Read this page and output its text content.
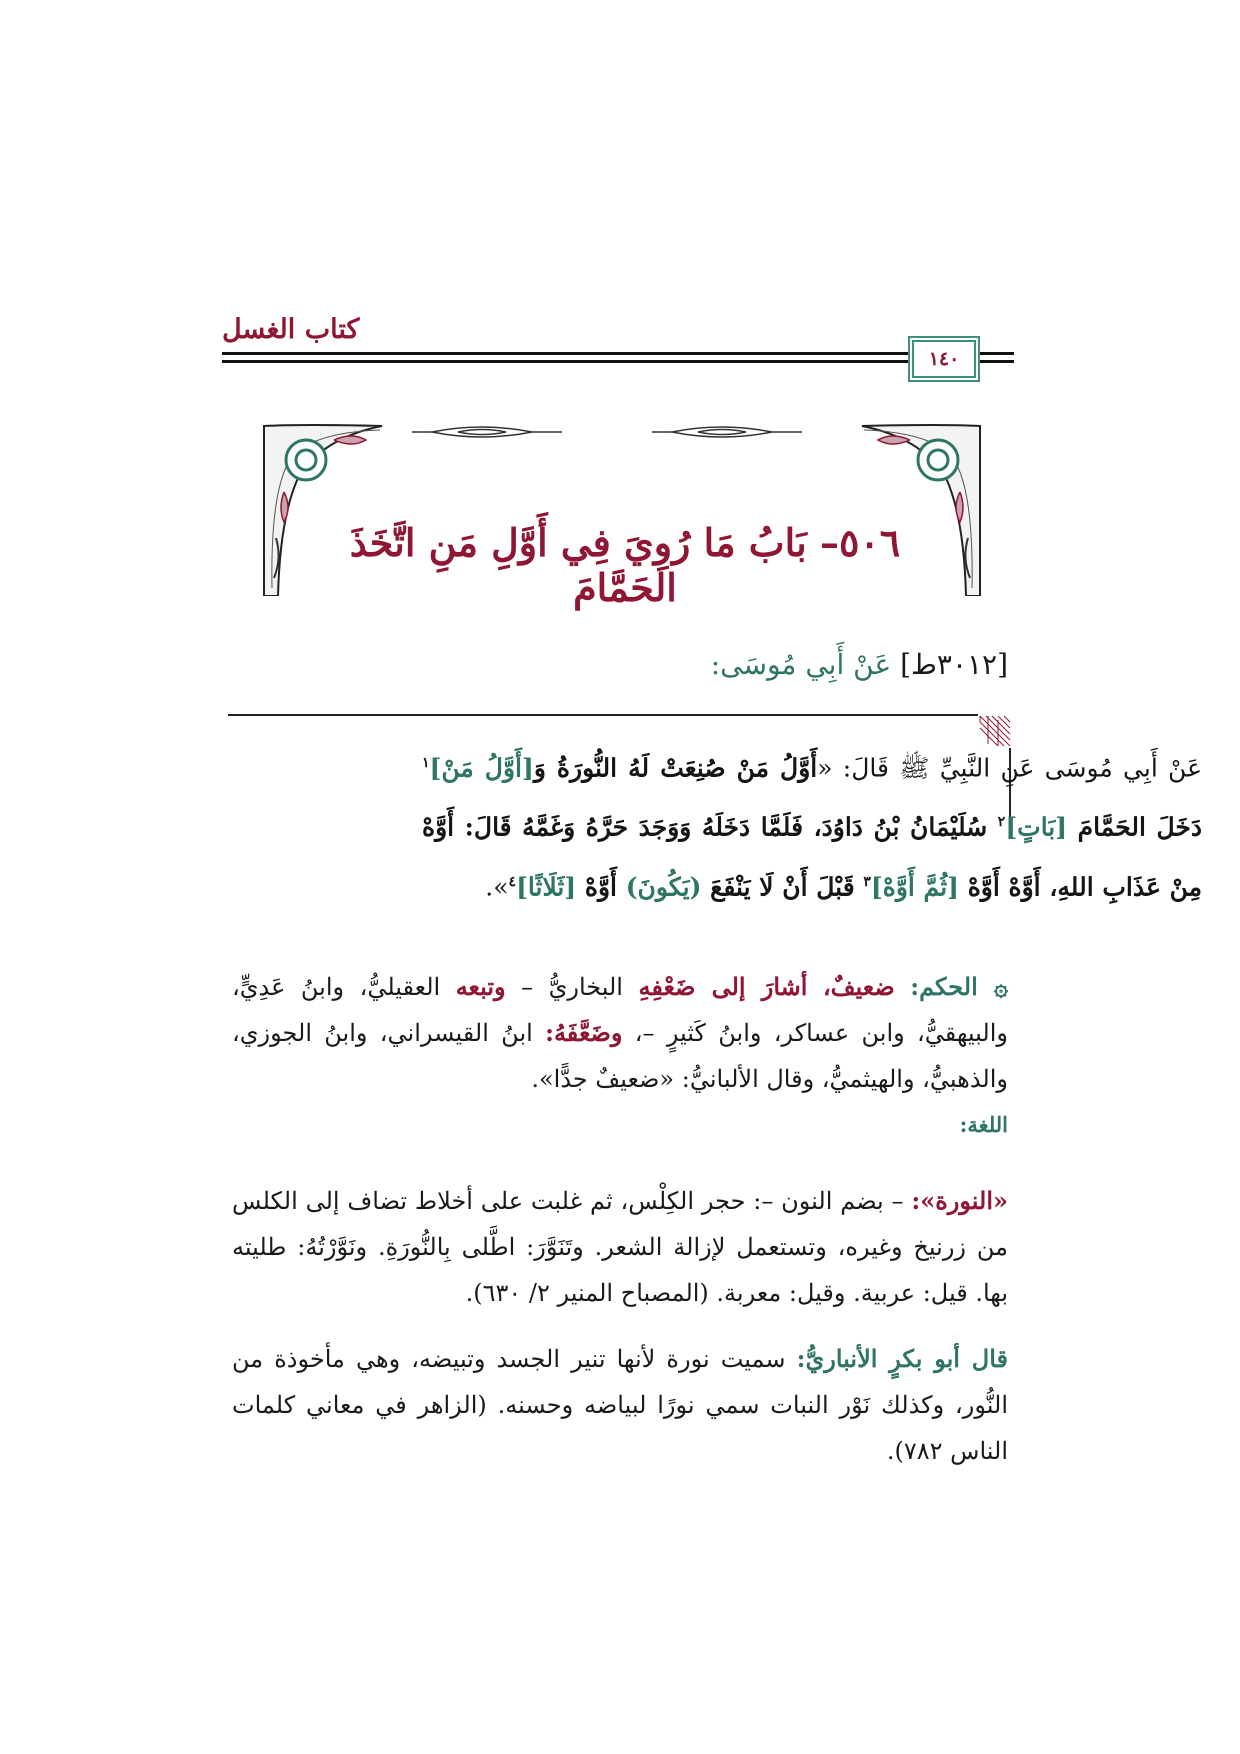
كتاب الغسل
١٤٠
٥٠٦– بَابُ مَا رُوِيَ فِي أَوَّلِ مَنِ اتَّخَذَ الحَمَّامَ
[٣٠١٢ط] عَنْ أَبِي مُوسَى:
عَنْ أَبِي مُوسَى عَنِ النَّبِيِّ ﷺ قَالَ: «أَوَّلُ مَنْ صُنِعَتْ لَهُ النُّورَةُ وَ[أَوَّلُ مَنْ]$^١$ دَخَلَ الحَمَّامَ [بَاتٍ]$^٢$ سُلَيْمَانُ بْنُ دَاوُدَ، فَلَمَّا دَخَلَهُ وَوَجَدَ حَرَّهُ وَغَمَّهُ قَالَ: أَوَّهْ مِنْ عَذَابِ اللهِ، أَوَّهْ أَوَّهْ [ثُمَّ أَوَّهْ]$^٣$ قَبْلَ أَنْ لَا يَنْفَعَ (يَكُونَ) أَوَّهْ [ثَلَاثًا]$^٤$».
۞ الحكم: ضعيفٌ، أشارَ إلى ضَعْفِهِ البخاريُّ – وتبعه العقيليُّ، وابنُ عَدِيٍّ، والبيهقيُّ، وابن عساكر، وابنُ كَثيرٍ –، وضَعَّفَهُ: ابنُ القيسراني، وابنُ الجوزي، والذهبيُّ، والهيثميُّ، وقال الألبانيُّ: «ضعيفٌ جدًّا».
اللغة:
«النورة»: – بضم النون –: حجر الكِلْس، ثم غلبت على أخلاط تضاف إلى الكلس من زرنيخ وغيره، وتستعمل لإزالة الشعر. وتَنَوَّرَ: اطَّلى بِالنُّورَةِ. ونَوَّرْتُهُ: طليته بها. قيل: عربية. وقيل: معربة. (المصباح المنير ٢/ ٦٣٠).
قال أبو بكرٍ الأنباريُّ: سميت نورة لأنها تنير الجسد وتبيضه، وهي مأخوذة من النُّور، وكذلك نَوْر النبات سمي نورًا لبياضه وحسنه. (الزاهر في معاني كلمات الناس ٧٨٢).
